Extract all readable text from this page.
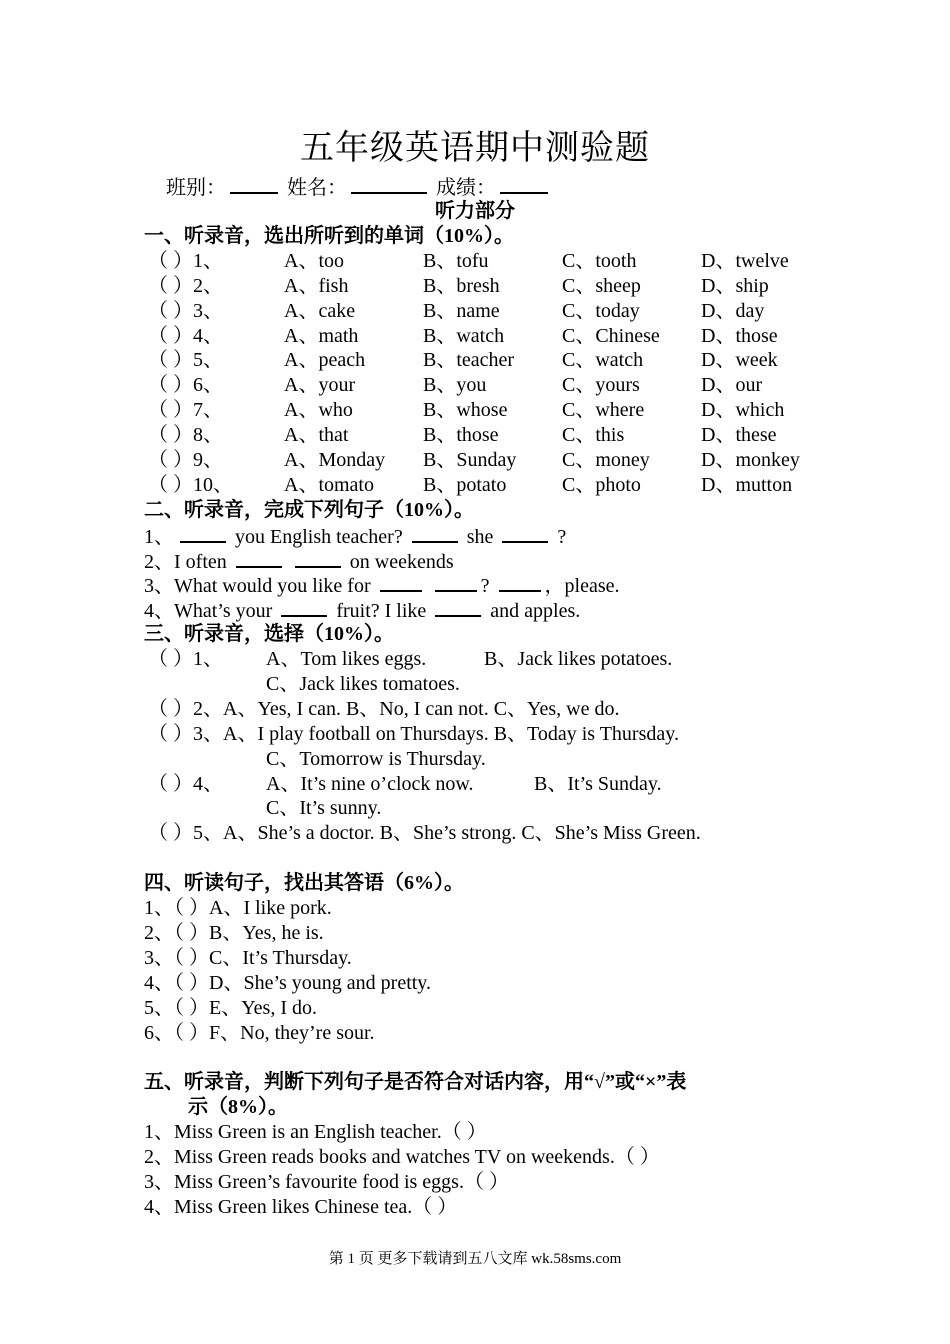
五年级英语期中测验题
班别：	姓名：	成绩：
听力部分
一、听录音，选出所听到的单词（10%）。
（ ）1、	A、too	B、tofu	C、tooth	D、twelve
（ ）2、	A、fish	B、bresh	C、sheep	D、ship
（ ）3、	A、cake	B、name	C、today	D、day
（ ）4、	A、math	B、watch	C、Chinese D、those
（ ）5、	A、peach	B、teacher C、watch	D、week
（ ）6、	A、your	B、you	C、yours	D、our
（ ）7、	A、who	B、whose	C、where	D、which
（ ）8、	A、that	B、those	C、this	D、these
（ ）9、	A、Monday B、Sunday C、money	D、monkey
（ ）10、	A、tomato B、potato	C、photo	D、mutton
二、听录音，完成下列句子（10%）。
1、	you English teacher?	she	?
2、I often	on weekends
3、What would you like for	?	，please.
4、What’s your	fruit? I like	and apples.
三、听录音，选择（10%）。
（ ）1、 A、Tom likes eggs.	B、Jack likes potatoes.
C、Jack likes tomatoes.
（ ）2、A、Yes, I can. B、No, I can not. C、Yes, we do.
（ ）3、A、I play football on Thursdays. B、Today is Thursday.
C、Tomorrow is Thursday.
（ ）4、 A、It’s nine o’clock now.	B、It’s Sunday.
C、It’s sunny.
（ ）5、A、She’s a doctor. B、She’s strong. C、She’s Miss Green.
四、听读句子，找出其答语（6%）。
1、（ ）A、I like pork.
2、（ ）B、Yes, he is.
3、（ ）C、It’s Thursday.
4、（ ）D、She’s young and pretty.
5、（ ）E、Yes, I do.
6、（ ）F、No, they’re sour.
五、听录音，判断下列句子是否符合对话内容，用“√”或“×”表
示（8%）。
1、Miss Green is an English teacher.（ ）
2、Miss Green reads books and watches TV on weekends.（ ）
3、Miss Green’s favourite food is eggs.（ ）
4、Miss Green likes Chinese tea.（ ）
第 1 页 更多下载请到五八文库 wk.58sms.com
